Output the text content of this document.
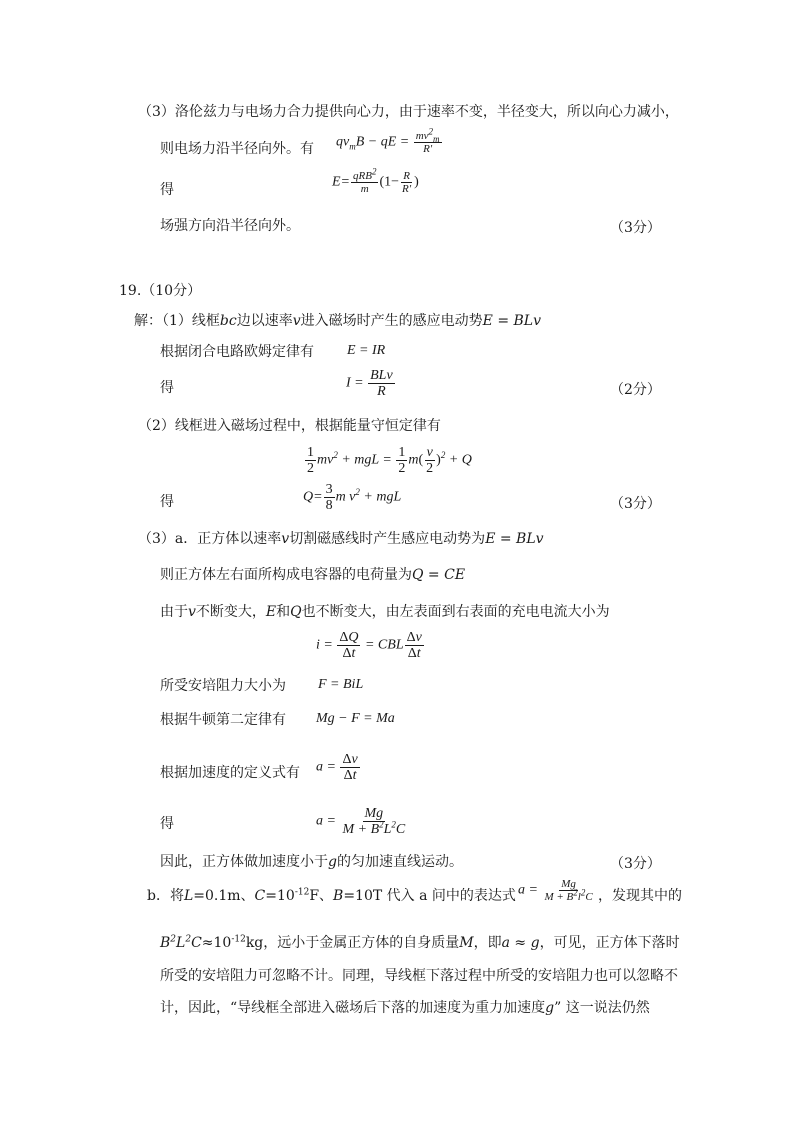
（3）洛伦兹力与电场力合力提供向心力，由于速率不变，半径变大，所以向心力减小，
则电场力沿半径向外。有 $qv_mB$ − qE = $\frac{mv^2_m}{R'}$
得	$E= \frac{qRB^2}{m} (1- \frac{R}{R'}$ )
场强方向沿半径向外。	（3分）
19.（10分）
解：（1）线框bc边以速率v进入磁场时产生的感应电动势E = BLv
根据闭合电路欧姆定律有 E = IR
得	$I = \frac{\text{BLv}}{R}$	（2分）
（2）线框进入磁场过程中，根据能量守恒定律有
$\frac{1}{2} mv^2$ + mgL = $\frac{1}{2} m( \frac{v}{2} )^2 + Q$
得	$Q= \frac{3}{8}$ m $v^2$ + mgL	（3分）
（3）a．正方体以速率v切割磁感线时产生感应电动势为E = BLv
则正方体左右面所构成电容器的电荷量为Q = CE
由于v不断变大，E和Q也不断变大，由左表面到右表面的充电电流大小为
$i = \frac{\Delta Q}{\Delta t}$ = CBL $\frac{\Delta v}{\Delta t}$
所受安培阻力大小为 F = BiL
根据牛顿第二定律有 Mg − F = Ma
根据加速度的定义式有 $a = \frac{\Delta v}{\Delta t}$
得	$a = \frac{Mg}{M + B^2L^2C}$
因此，正方体做加速度小于g的匀加速直线运动。	（3分）
b．将L=0.1m、$C=10^{-12}F$、B=10T 代入 a 问中的表达式 $a = \frac{Mg}{M + B^2l^2C}$ ，发现其中的
$B^2L^2C\approx 10^{-12}kg$，远小于金属正方体的自身质量M，即a ≈ g，可见，正方体下落时
所受的安培阻力可忽略不计。同理，导线框下落过程中所受的安培阻力也可以忽略不
计，因此，“导线框全部进入磁场后下落的加速度为重力加速度g” 这一说法仍然
